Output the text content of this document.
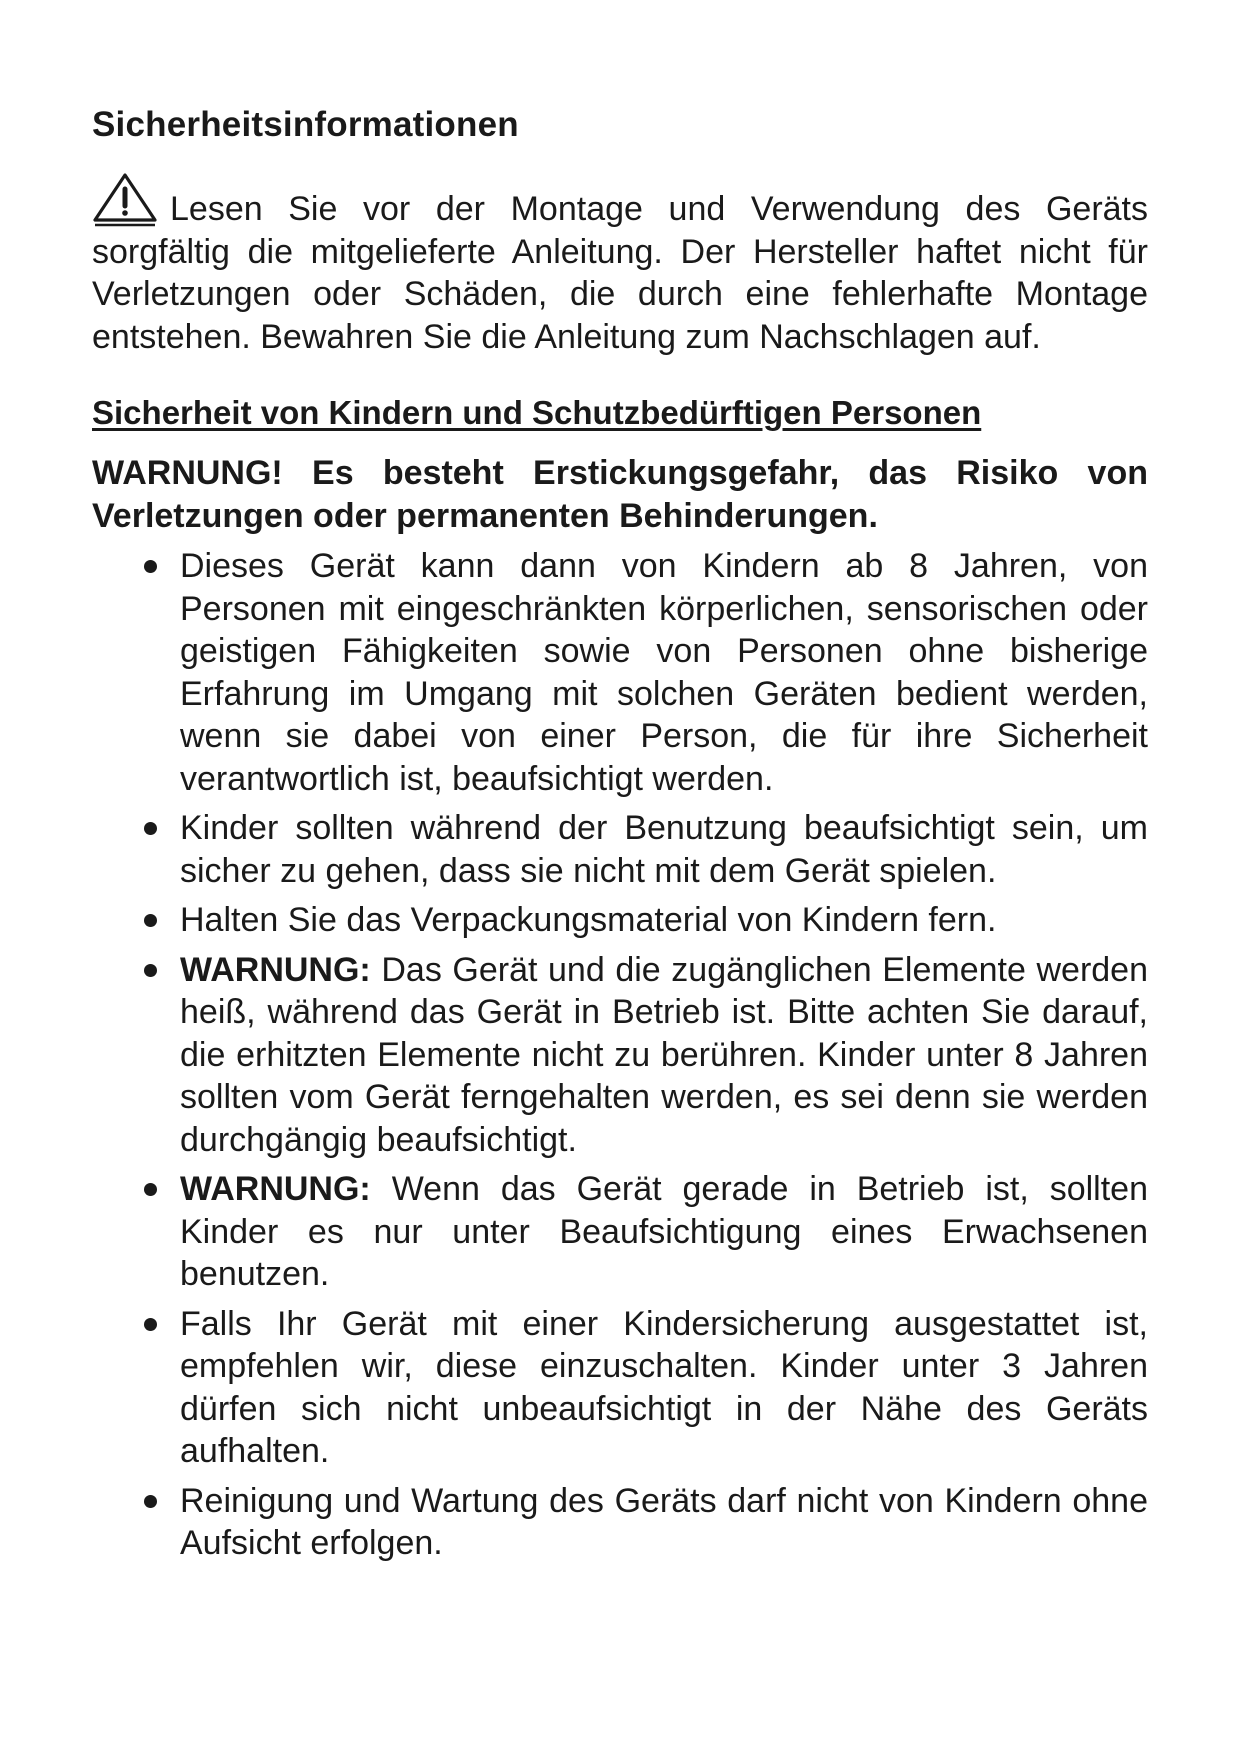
Sicherheitsinformationen

Lesen Sie vor der Montage und Verwendung des Geräts sorgfältig die mitgelieferte Anleitung. Der Hersteller haftet nicht für Verletzungen oder Schäden, die durch eine fehlerhafte Montage entstehen. Bewahren Sie die Anleitung zum Nachschlagen auf.

Sicherheit von Kindern und Schutzbedürftigen Personen

WARNUNG! Es besteht Erstickungsgefahr, das Risiko von Verletzungen oder permanenten Behinderungen.

Dieses Gerät kann dann von Kindern ab 8 Jahren, von Personen mit eingeschränkten körperlichen, sensorischen oder geistigen Fähigkeiten sowie von Personen ohne bisherige Erfahrung im Umgang mit solchen Geräten bedient werden, wenn sie dabei von einer Person, die für ihre Sicherheit verantwortlich ist, beaufsichtigt werden.
Kinder sollten während der Benutzung beaufsichtigt sein, um sicher zu gehen, dass sie nicht mit dem Gerät spielen.
Halten Sie das Verpackungsmaterial von Kindern fern.
WARNUNG: Das Gerät und die zugänglichen Elemente werden heiß, während das Gerät in Betrieb ist. Bitte achten Sie darauf, die erhitzten Elemente nicht zu berühren. Kinder unter 8 Jahren sollten vom Gerät ferngehalten werden, es sei denn sie werden durchgängig beaufsichtigt.
WARNUNG: Wenn das Gerät gerade in Betrieb ist, sollten Kinder es nur unter Beaufsichtigung eines Erwachsenen benutzen.
Falls Ihr Gerät mit einer Kindersicherung ausgestattet ist, empfehlen wir, diese einzuschalten. Kinder unter 3 Jahren dürfen sich nicht unbeaufsichtigt in der Nähe des Geräts aufhalten.
Reinigung und Wartung des Geräts darf nicht von Kindern ohne Aufsicht erfolgen.
